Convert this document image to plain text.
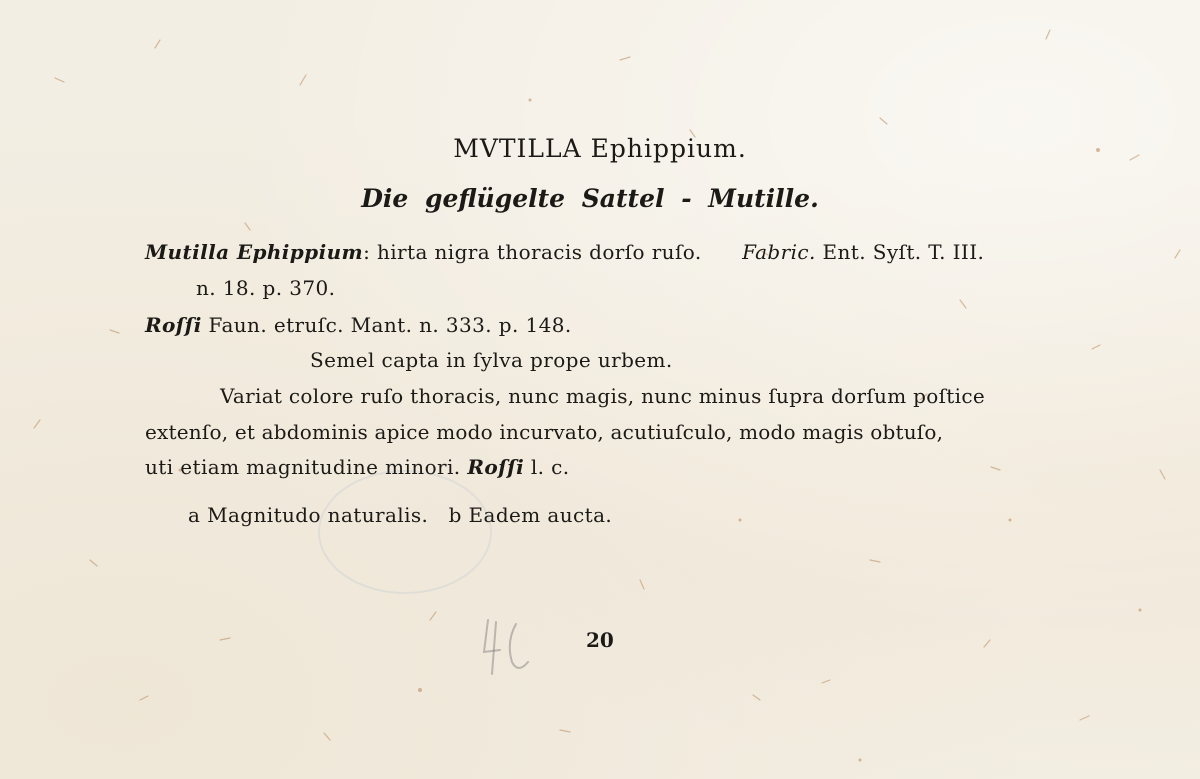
MVTILLA Ephippium.
Die geflügelte Sattel - Mutille.
Mutilla Ephippium: hirta nigra thoracis dorſo ruſo. Fabric. Ent. Syſt. T. III.
n. 18. p. 370.
Roſſi Faun. etruſc. Mant. n. 333. p. 148.
Semel capta in ſylva prope urbem.
Variat colore ruſo thoracis, nunc magis, nunc minus ſupra dorſum poſtice
extenſo, et abdominis apice modo incurvato, acutiuſculo, modo magis obtuſo,
uti etiam magnitudine minori. Roſſi l. c.
a Magnitudo naturalis.   b Eadem aucta.
20
